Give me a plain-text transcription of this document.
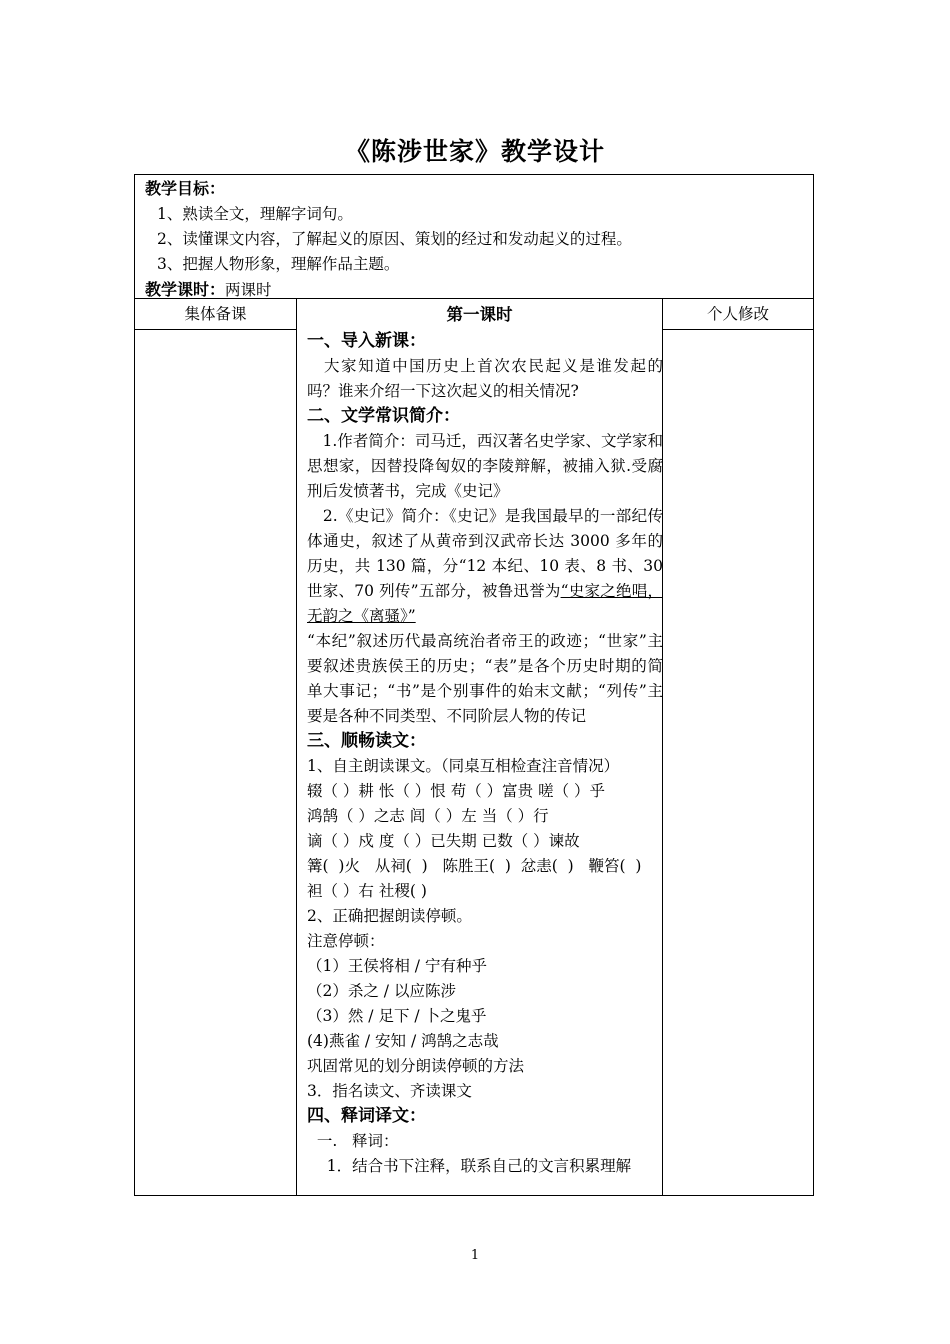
《陈涉世家》教学设计
教学目标：
1、熟读全文，理解字词句。
2、读懂课文内容，了解起义的原因、策划的经过和发动起义的过程。
3、把握人物形象，理解作品主题。
教学课时：两课时
集体备课	第一课时	个人修改

一、导入新课：

　大家知道中国历史上首次农民起义是谁发起的吗？谁来介绍一下这次起义的相关情况?

二、文学常识简介：

　1.作者简介：司马迁，西汉著名史学家、文学家和思想家，因替投降匈奴的李陵辩解，被捕入狱.受腐刑后发愤著书，完成《史记》

　2.《史记》简介：《史记》是我国最早的一部纪传体通史，叙述了从黄帝到汉武帝长达 3000 多年的历史，共 130 篇，分“12 本纪、10 表、8 书、30 世家、70 列传”五部分，被鲁迅誉为“史家之绝唱，无韵之《离骚》”

“本纪”叙述历代最高统治者帝王的政迹；“世家”主要叙述贵族侯王的历史；“表”是各个历史时期的简单大事记；“书”是个别事件的始末文献；“列传”主要是各种不同类型、不同阶层人物的传记

三、顺畅读文：

1、自主朗读课文。（同桌互相检查注音情况）

辍（ ）耕 怅（ ）恨 苟（ ）富贵 嗟（ ）乎

鸿鹄（ ）之志 闾（ ）左 当（ ）行

谪（ ）戍 度（ ）已失期 已数（ ）谏故

篝(  )火   从祠(  )   陈胜王(  )  忿恚(  )   鞭笞(  )

袒（ ）右 社稷( )

2、正确把握朗读停顿。

注意停顿：

（1）王侯将相 / 宁有种乎

（2）杀之 / 以应陈涉

（3）然 / 足下 / 卜之鬼乎

(4)燕雀 / 安知 / 鸿鹄之志哉

巩固常见的划分朗读停顿的方法

3．指名读文、齐读课文

四、释词译文：

一.   释词：

1．结合书下注释，联系自己的文言积累理解

1
